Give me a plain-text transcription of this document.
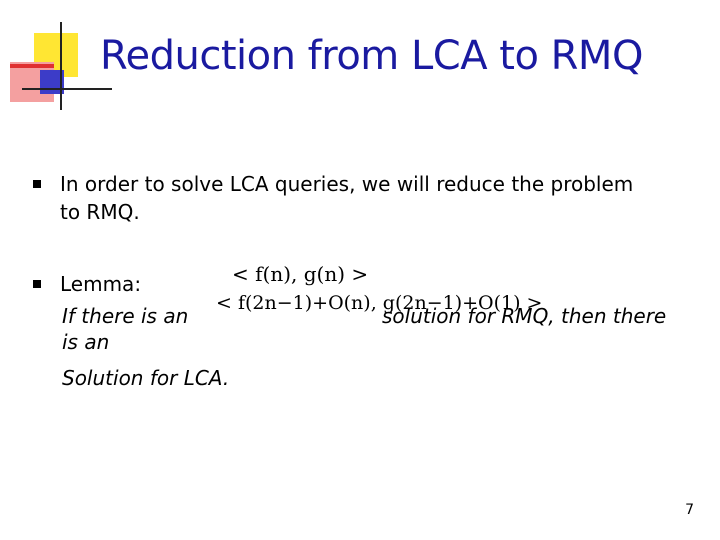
Reduction from LCA to RMQ
In order to solve LCA queries, we will reduce the problem
to RMQ.
Lemma:	< f(n), g(n) >
If there is an
< f(2n−1)+O(n), g(2n−1)+O(1) >
solution for RMQ, then there
is an
Solution for LCA.
7
